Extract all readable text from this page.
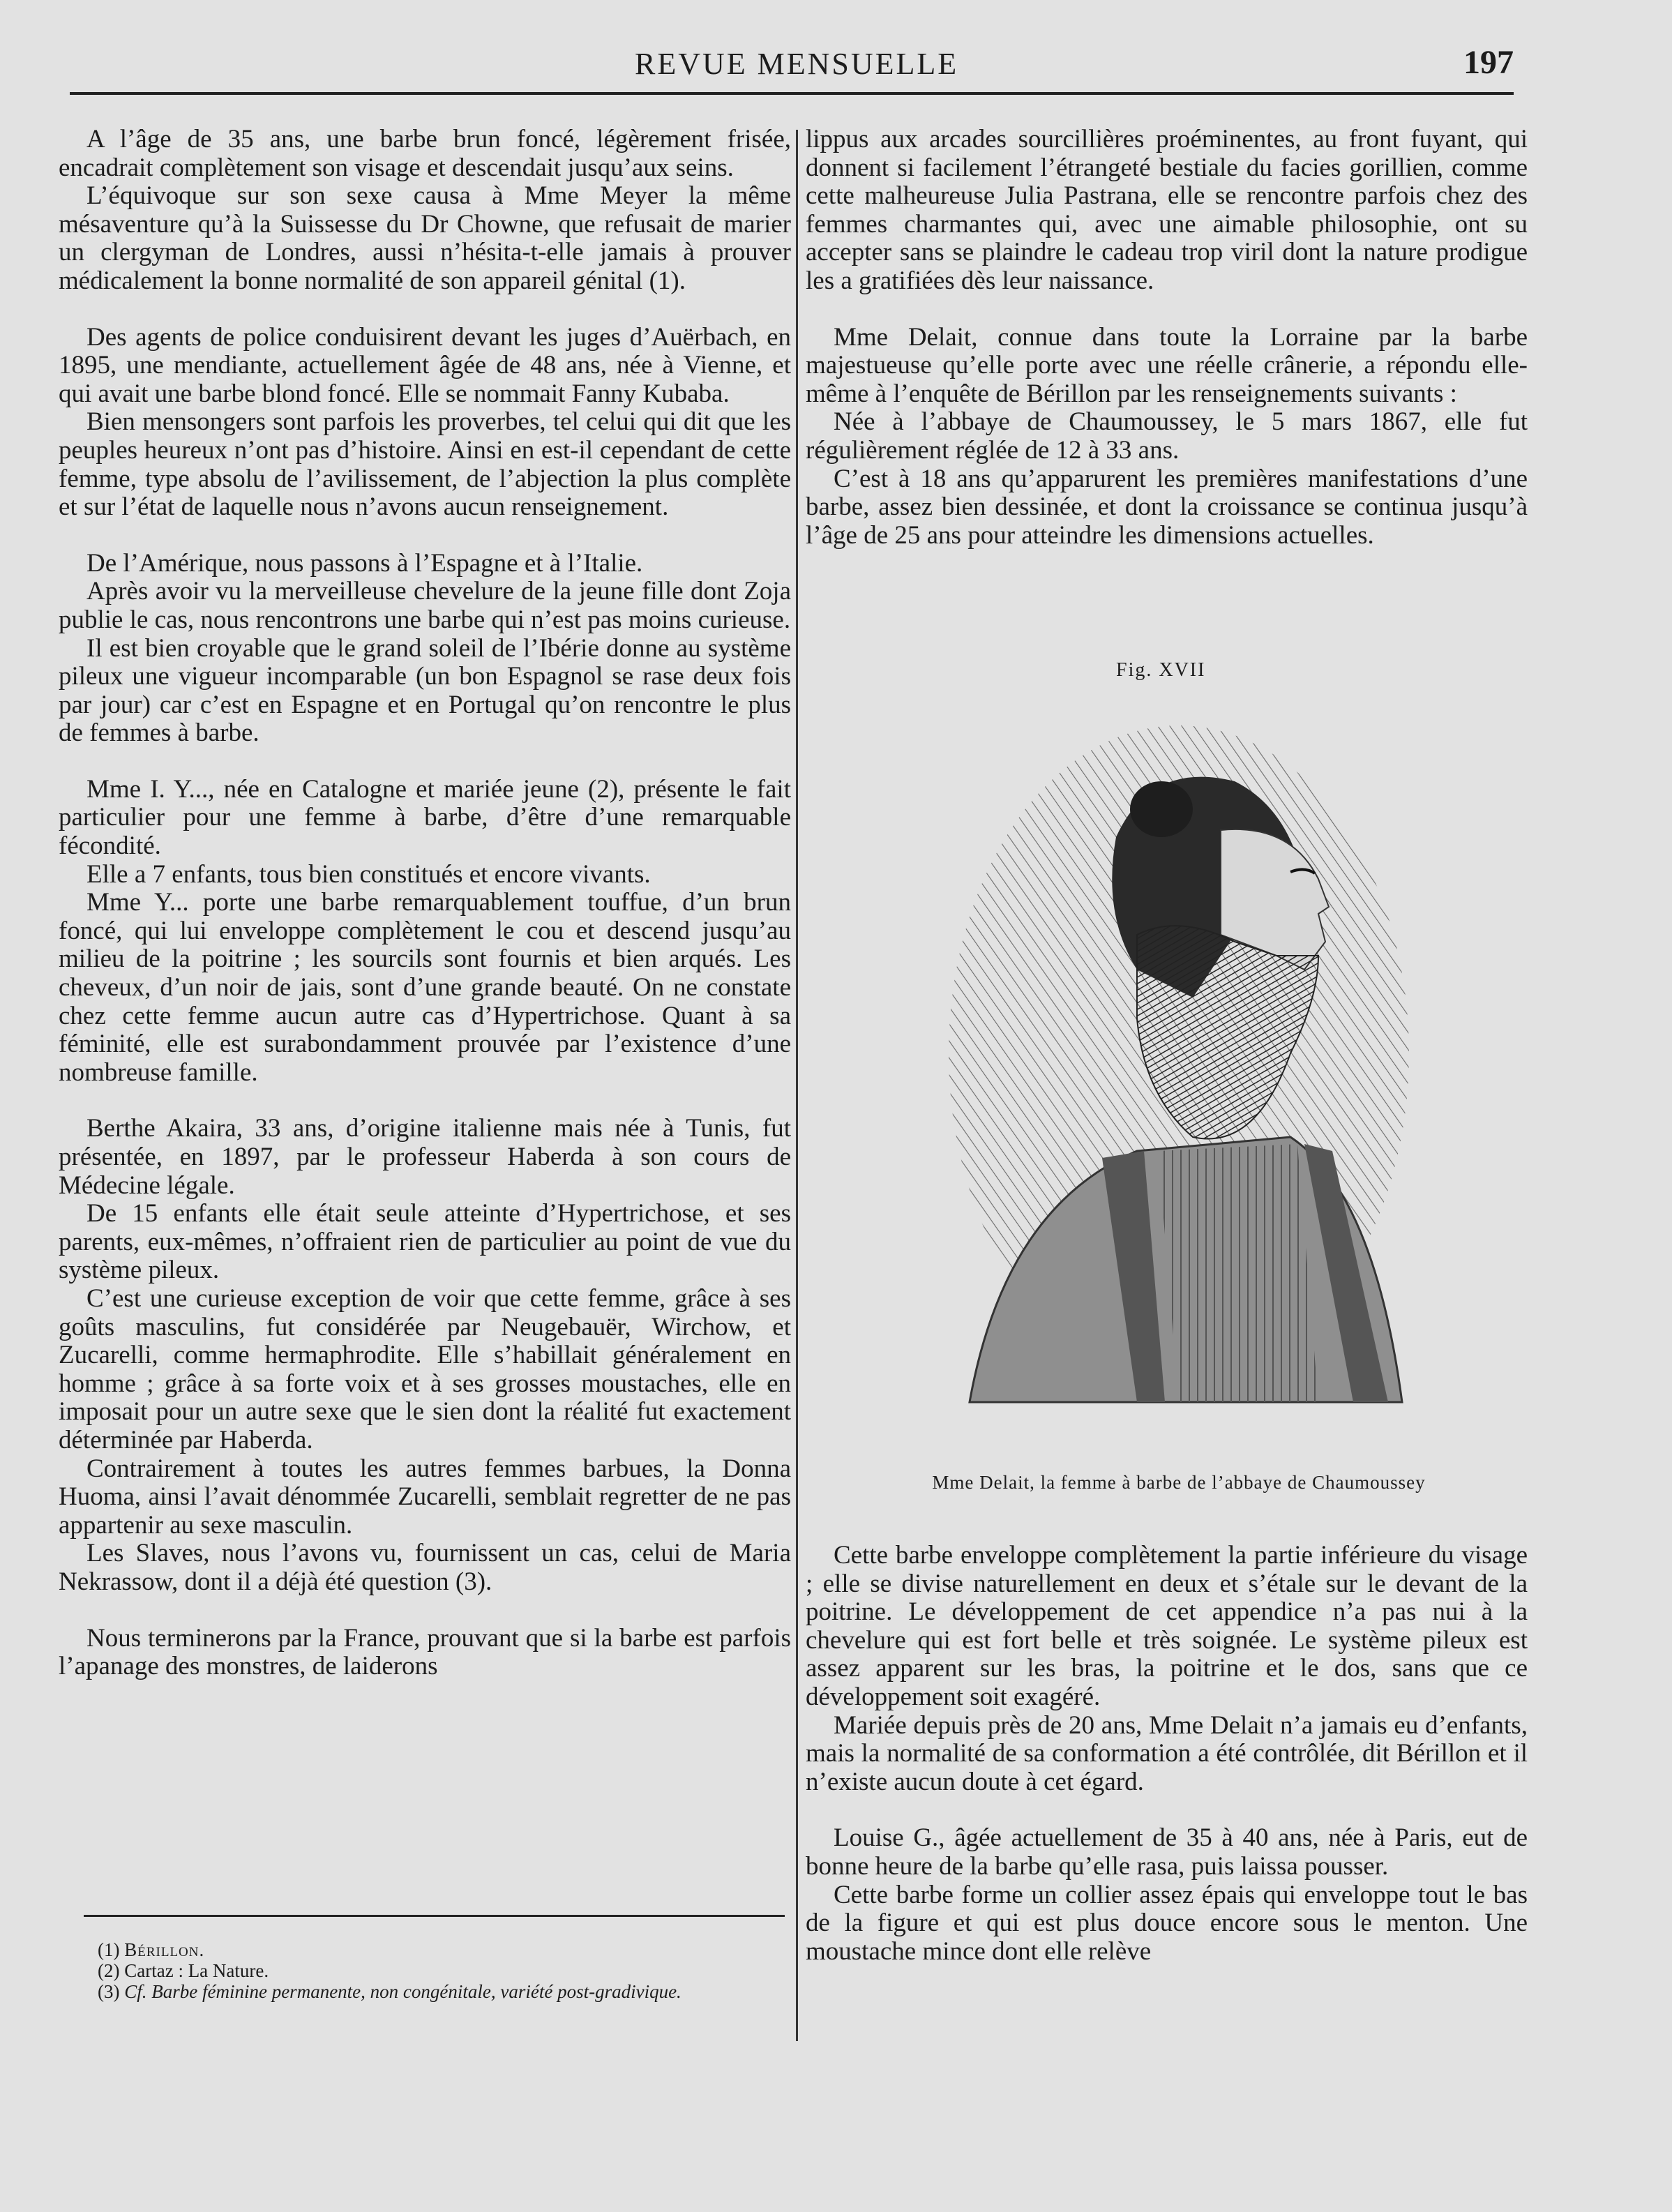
REVUE MENSUELLE	197

A l’âge de 35 ans, une barbe brun foncé, légèrement frisée, encadrait complètement son visage et descendait jusqu’aux seins.

L’équivoque sur son sexe causa à Mme Meyer la même mésaventure qu’à la Suissesse du Dr Chowne, que refusait de marier un clergyman de Londres, aussi n’hésita-t-elle jamais à prouver médicalement la bonne normalité de son appareil génital (1).

Des agents de police conduisirent devant les juges d’Auërbach, en 1895, une mendiante, actuellement âgée de 48 ans, née à Vienne, et qui avait une barbe blond foncé. Elle se nommait Fanny Kubaba.

Bien mensongers sont parfois les proverbes, tel celui qui dit que les peuples heureux n’ont pas d’histoire. Ainsi en est-il cependant de cette femme, type absolu de l’avilissement, de l’abjection la plus complète et sur l’état de laquelle nous n’avons aucun renseignement.

De l’Amérique, nous passons à l’Espagne et à l’Italie.

Après avoir vu la merveilleuse chevelure de la jeune fille dont Zoja publie le cas, nous rencontrons une barbe qui n’est pas moins curieuse.

Il est bien croyable que le grand soleil de l’Ibérie donne au système pileux une vigueur incomparable (un bon Espagnol se rase deux fois par jour) car c’est en Espagne et en Portugal qu’on rencontre le plus de femmes à barbe.

Mme I. Y..., née en Catalogne et mariée jeune (2), présente le fait particulier pour une femme à barbe, d’être d’une remarquable fécondité.

Elle a 7 enfants, tous bien constitués et encore vivants.

Mme Y... porte une barbe remarquablement touffue, d’un brun foncé, qui lui enveloppe complètement le cou et descend jusqu’au milieu de la poitrine ; les sourcils sont fournis et bien arqués. Les cheveux, d’un noir de jais, sont d’une grande beauté. On ne constate chez cette femme aucun autre cas d’Hypertrichose. Quant à sa féminité, elle est surabondamment prouvée par l’existence d’une nombreuse famille.

Berthe Akaira, 33 ans, d’origine italienne mais née à Tunis, fut présentée, en 1897, par le professeur Haberda à son cours de Médecine légale.

De 15 enfants elle était seule atteinte d’Hypertrichose, et ses parents, eux-mêmes, n’offraient rien de particulier au point de vue du système pileux.

C’est une curieuse exception de voir que cette femme, grâce à ses goûts masculins, fut considérée par Neugebauër, Wirchow, et Zucarelli, comme hermaphrodite. Elle s’habillait généralement en homme ; grâce à sa forte voix et à ses grosses moustaches, elle en imposait pour un autre sexe que le sien dont la réalité fut exactement déterminée par Haberda.

Contrairement à toutes les autres femmes barbues, la Donna Huoma, ainsi l’avait dénommée Zucarelli, semblait regretter de ne pas appartenir au sexe masculin.

Les Slaves, nous l’avons vu, fournissent un cas, celui de Maria Nekrassow, dont il a déjà été question (3).

Nous terminerons par la France, prouvant que si la barbe est parfois l’apanage des monstres, de laiderons

(1) Bérillon.
(2) Cartaz : La Nature.
(3) Cf. Barbe féminine permanente, non congénitale, variété post-gradivique.

lippus aux arcades sourcillières proéminentes, au front fuyant, qui donnent si facilement l’étrangeté bestiale du facies gorillien, comme cette malheureuse Julia Pastrana, elle se rencontre parfois chez des femmes charmantes qui, avec une aimable philosophie, ont su accepter sans se plaindre le cadeau trop viril dont la nature prodigue les a gratifiées dès leur naissance.

Mme Delait, connue dans toute la Lorraine par la barbe majestueuse qu’elle porte avec une réelle crânerie, a répondu elle-même à l’enquête de Bérillon par les renseignements suivants :

Née à l’abbaye de Chaumoussey, le 5 mars 1867, elle fut régulièrement réglée de 12 à 33 ans.

C’est à 18 ans qu’apparurent les premières manifestations d’une barbe, assez bien dessinée, et dont la croissance se continua jusqu’à l’âge de 25 ans pour atteindre les dimensions actuelles.

Fig. XVII
Mme Delait, la femme à barbe de l’abbaye de Chaumoussey

Cette barbe enveloppe complètement la partie inférieure du visage ; elle se divise naturellement en deux et s’étale sur le devant de la poitrine. Le développement de cet appendice n’a pas nui à la chevelure qui est fort belle et très soignée. Le système pileux est assez apparent sur les bras, la poitrine et le dos, sans que ce développement soit exagéré.

Mariée depuis près de 20 ans, Mme Delait n’a jamais eu d’enfants, mais la normalité de sa conformation a été contrôlée, dit Bérillon et il n’existe aucun doute à cet égard.

Louise G., âgée actuellement de 35 à 40 ans, née à Paris, eut de bonne heure de la barbe qu’elle rasa, puis laissa pousser.

Cette barbe forme un collier assez épais qui enveloppe tout le bas de la figure et qui est plus douce encore sous le menton. Une moustache mince dont elle relève
